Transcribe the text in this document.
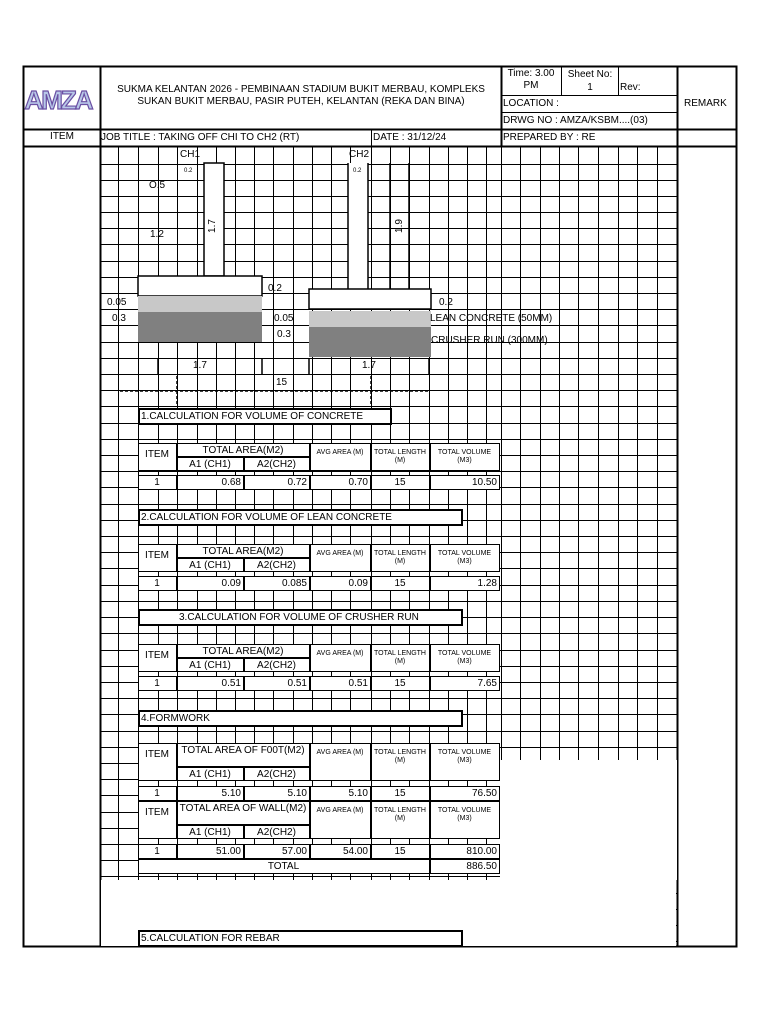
AMZA	SUKMA KELANTAN 2026 - PEMBINAAN STADIUM BUKIT MERBAU, KOMPLEKS
SUKAN BUKIT MERBAU, PASIR PUTEH, KELANTAN (REKA DAN BINA)
Time: 3.00
PM
Sheet No:
1	Rev:
LOCATION :
DRWG NO : AMZA/KSBM....(03)
REMARK
ITEM	JOB TITLE : TAKING OFF CHI TO CH2 (RT)	DATE : 31/12/24	PREPARED BY : RE
CH1	CH2
0.2	0.2
O.5
1.2
1.7	1.9
0.2
0.2
0.05
0.05
0.3
0.3
LEAN CONCRETE (50MM)
CRUSHER RUN (300MM)
1.7	1.7
15
1.CALCULATION FOR VOLUME OF CONCRETE
2.CALCULATION FOR VOLUME OF LEAN CONCRETE
3.CALCULATION FOR VOLUME OF CRUSHER RUN
4.FORMWORK
5.CALCULATION FOR REBAR
ITEM	TOTAL AREA(M2)
A1 (CH1)	A2(CH2)
AVG AREA (M)	TOTAL LENGTH (M)
TOTAL VOLUME (M3)
1	0.68	0.72	0.70	15	10.50
ITEM	TOTAL AREA(M2)
A1 (CH1)	A2(CH2)
AVG AREA (M)	TOTAL LENGTH (M)
TOTAL VOLUME (M3)
1	0.09	0.085	0.09	15	1.28
ITEM	TOTAL AREA(M2)
A1 (CH1)	A2(CH2)
AVG AREA (M)	TOTAL LENGTH (M)
TOTAL VOLUME (M3)
1	0.51	0.51	0.51	15	7.65
ITEM	TOTAL AREA OF F00T(M2)
A1 (CH1)	A2(CH2)
AVG AREA (M)	TOTAL LENGTH (M)
TOTAL VOLUME (M3)
1	5.10	5.10	5.10	15	76.50
ITEM	TOTAL AREA OF WALL(M2)
A1 (CH1)	A2(CH2)
AVG AREA (M)	TOTAL LENGTH (M)
TOTAL VOLUME (M3)
1	51.00	57.00	54.00	15	810.00
TOTAL	886.50
